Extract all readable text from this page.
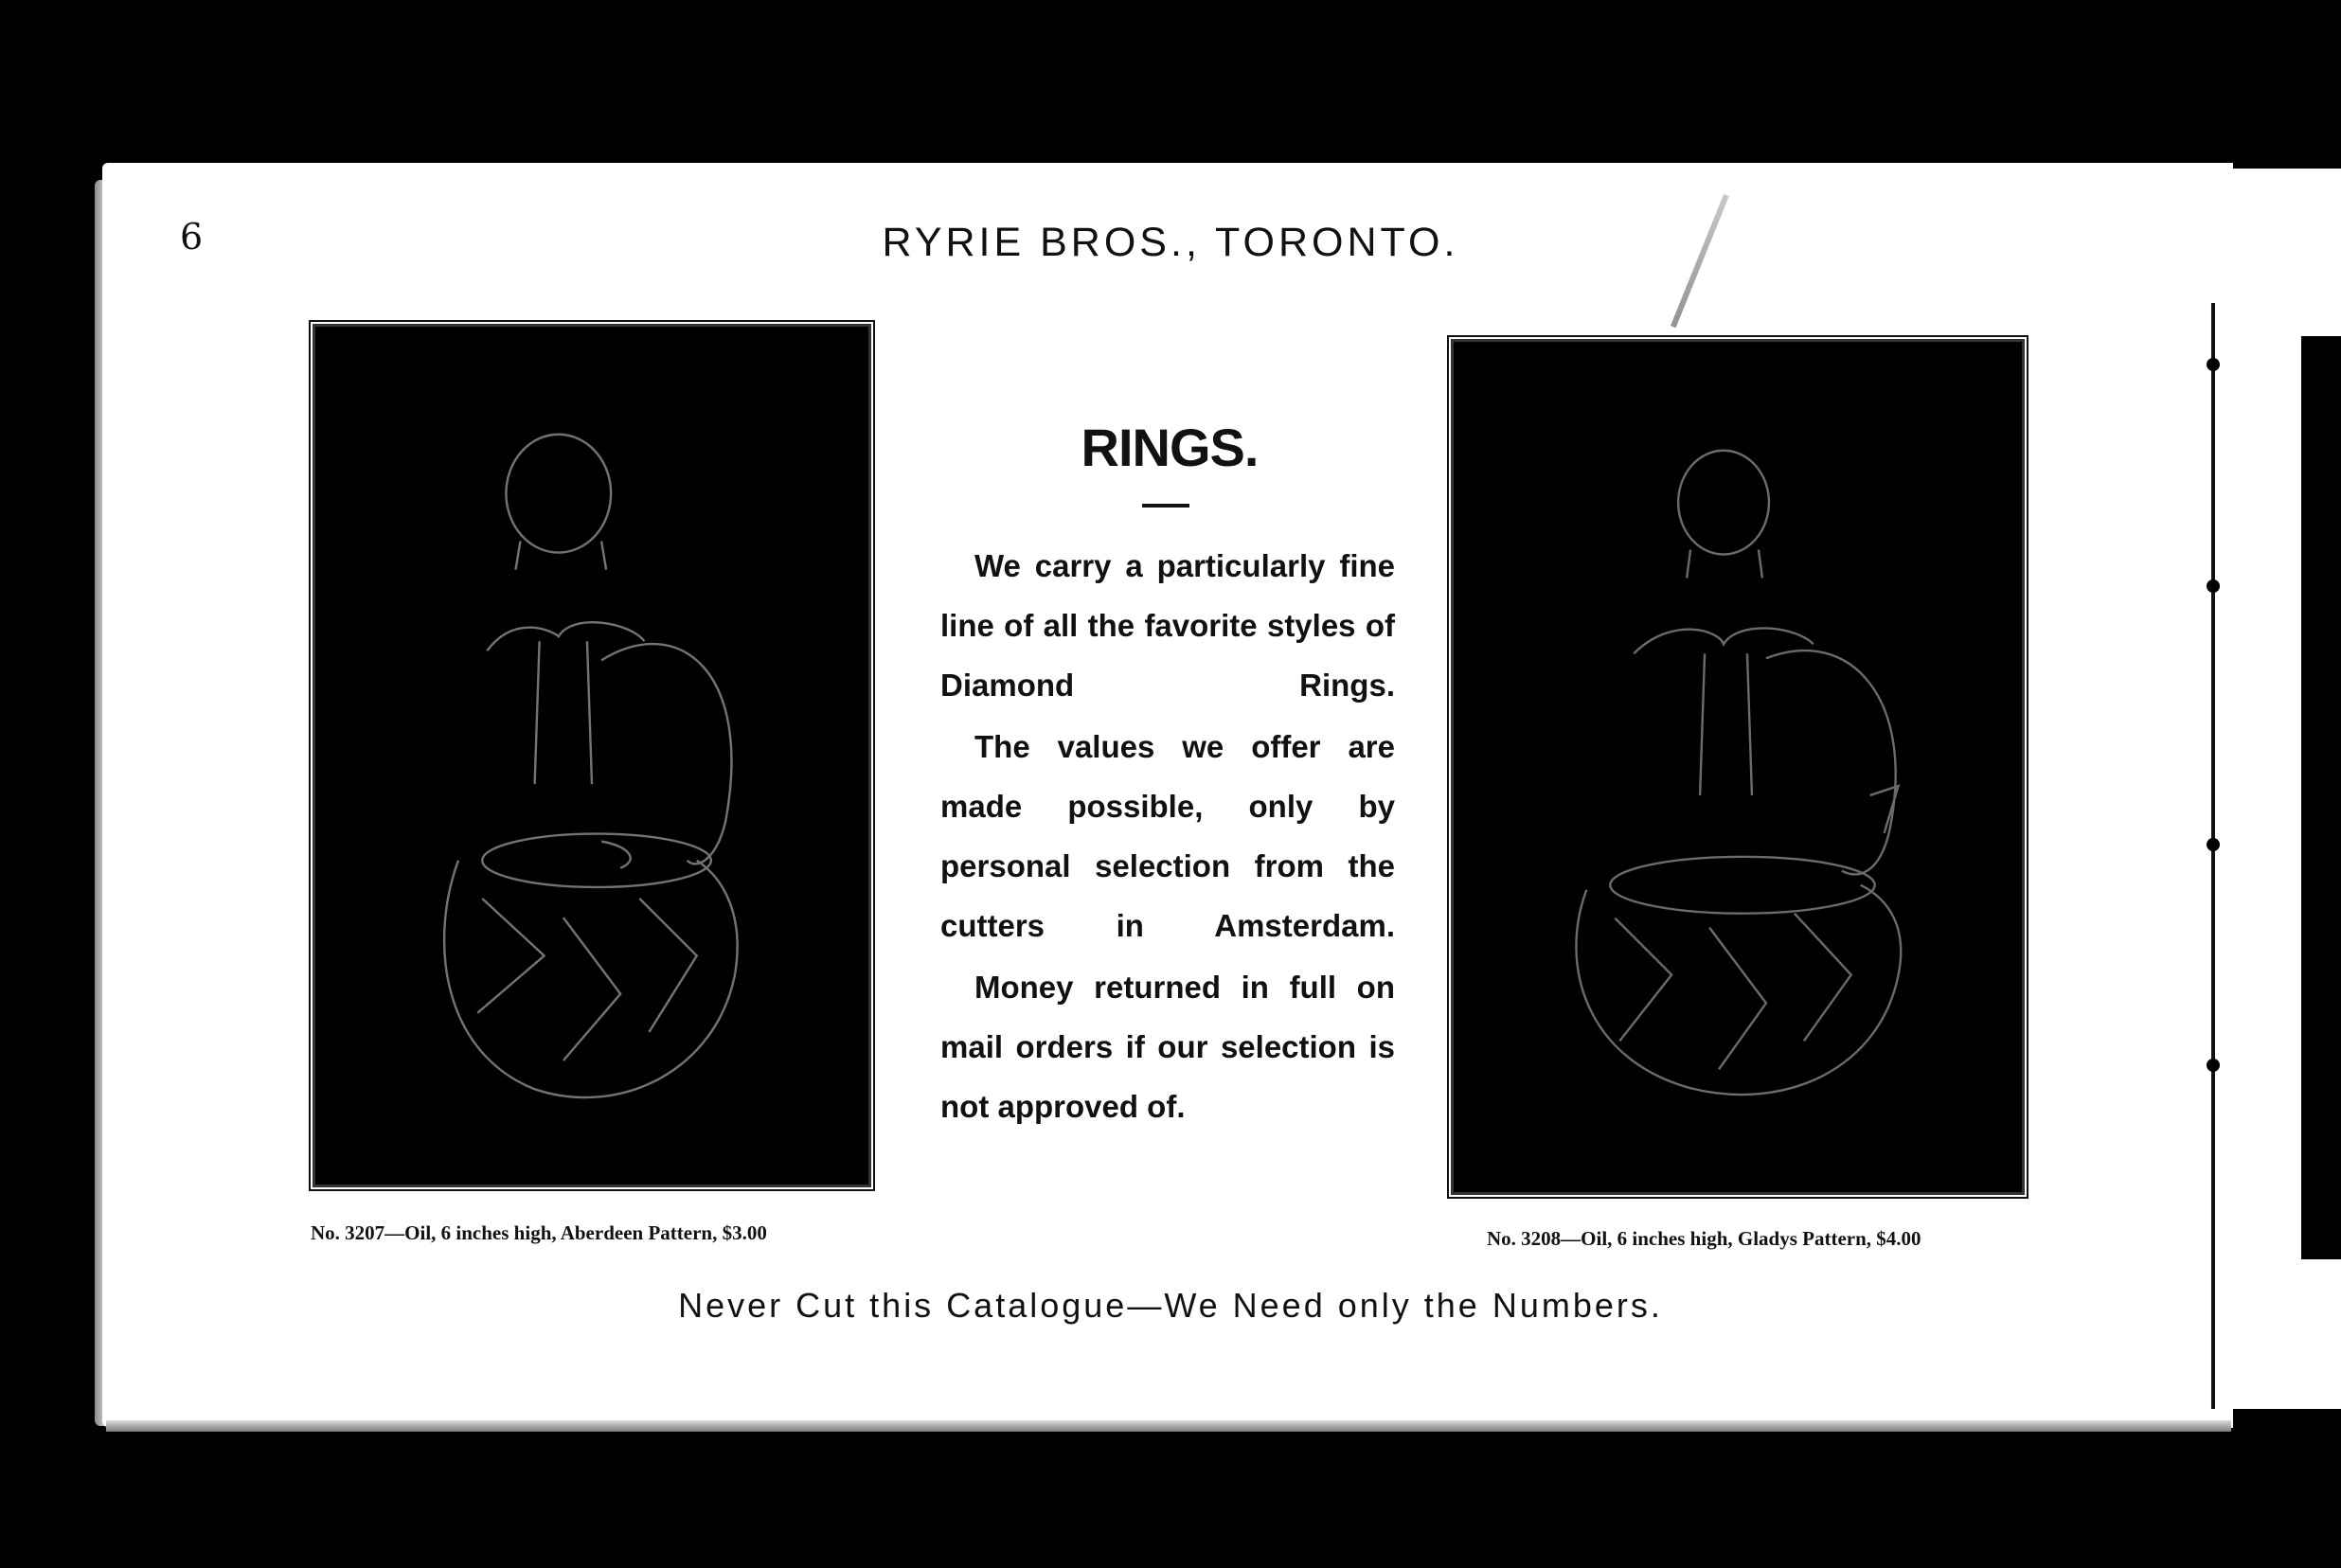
6	RYRIE BROS., TORONTO.
No. 3207—Oil, 6 inches high, Aberdeen Pattern, $3.00	No. 3208—Oil, 6 inches high, Gladys Pattern, $4.00
RINGS.

We carry a particularly fine line of all the favorite styles of Diamond Rings.

The values we offer are made possible, only by personal selection from the cutters in Amsterdam.

Money returned in full on mail orders if our selection is not approved of.

Never Cut this Catalogue—We Need only the Numbers.
